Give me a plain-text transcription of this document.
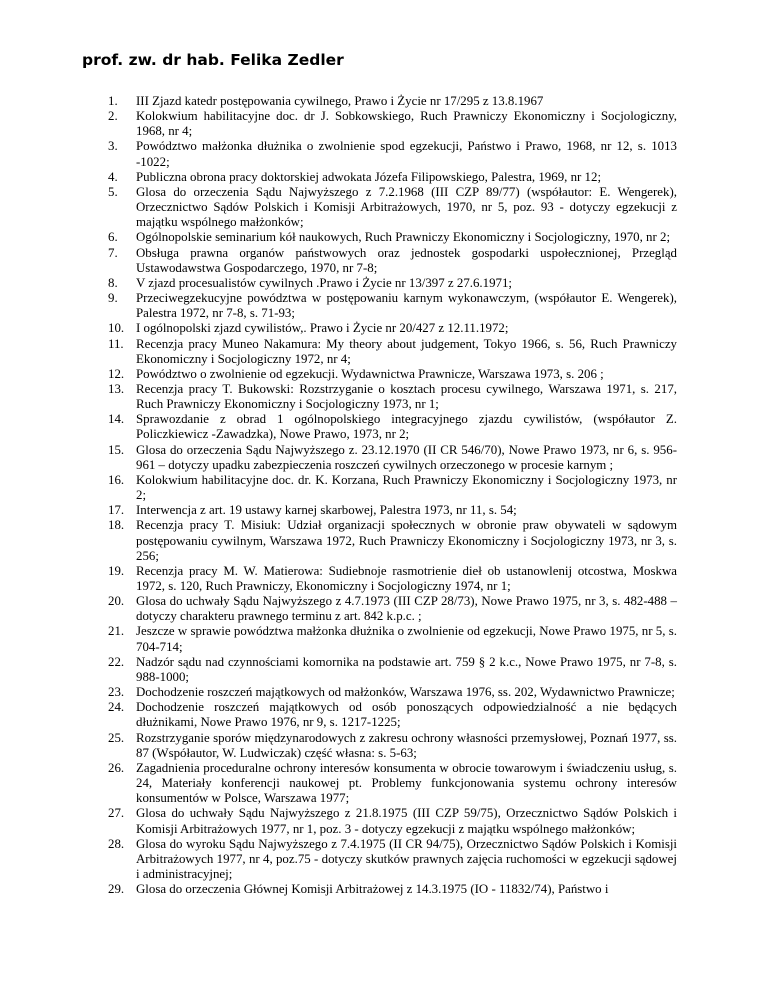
prof. zw. dr hab. Felika Zedler
1.	III Zjazd katedr postępowania cywilnego, Prawo i Życie nr 17/295 z 13.8.1967
2.	Kolokwium habilitacyjne doc. dr J. Sobkowskiego, Ruch Prawniczy Ekonomiczny i Socjologiczny, 1968, nr 4;
3.	Powództwo małżonka dłużnika o zwolnienie spod egzekucji, Państwo i Prawo, 1968, nr 12, s. 1013 -1022;
4.	Publiczna obrona pracy doktorskiej adwokata Józefa Filipowskiego, Palestra, 1969, nr 12;
5.	Glosa do orzeczenia Sądu Najwyższego z 7.2.1968 (III CZP 89/77) (współautor: E. Wengerek), Orzecznictwo Sądów Polskich i Komisji Arbitrażowych, 1970, nr 5, poz. 93 - dotyczy egzekucji z majątku wspólnego małżonków;
6.	Ogólnopolskie seminarium kół naukowych, Ruch Prawniczy Ekonomiczny i Socjologiczny, 1970, nr 2;
7.	Obsługa prawna organów państwowych oraz jednostek gospodarki uspołecznionej, Przegląd Ustawodawstwa Gospodarczego, 1970, nr 7-8;
8.	V zjazd procesualistów cywilnych .Prawo i Życie nr 13/397 z 27.6.1971;
9.	Przeciwegzekucyjne powództwa w postępowaniu karnym wykonawczym, (współautor E. Wengerek), Palestra 1972, nr 7-8, s. 71-93;
10. I ogólnopolski zjazd cywilistów,. Prawo i Życie nr 20/427 z 12.11.1972;
11. Recenzja pracy Muneo Nakamura: My theory about judgement, Tokyo 1966, s. 56, Ruch Prawniczy Ekonomiczny i Socjologiczny 1972, nr 4;
12. Powództwo o zwolnienie od egzekucji. Wydawnictwa Prawnicze, Warszawa 1973, s. 206 ;
13. Recenzja pracy T. Bukowski: Rozstrzyganie o kosztach procesu cywilnego, Warszawa 1971, s. 217, Ruch Prawniczy Ekonomiczny i Socjologiczny 1973, nr 1;
14. Sprawozdanie z obrad 1 ogólnopolskiego integracyjnego zjazdu cywilistów, (współautor Z. Policzkiewicz -Zawadzka), Nowe Prawo, 1973, nr 2;
15. Glosa do orzeczenia Sądu Najwyższego z. 23.12.1970 (II CR 546/70), Nowe Prawo 1973, nr 6, s. 956-961 – dotyczy upadku zabezpieczenia roszczeń cywilnych orzeczonego w procesie karnym ;
16. Kolokwium habilitacyjne doc. dr. K. Korzana, Ruch Prawniczy Ekonomiczny i Socjologiczny 1973, nr 2;
17. Interwencja z art. 19 ustawy karnej skarbowej, Palestra 1973, nr 11, s. 54;
18. Recenzja pracy T. Misiuk: Udział organizacji społecznych w obronie praw obywateli w sądowym postępowaniu cywilnym, Warszawa 1972, Ruch Prawniczy Ekonomiczny i Socjologiczny 1973, nr 3, s. 256;
19. Recenzja pracy M. W. Matierowa: Sudiebnoje rasmotrienie dieł ob ustanowlenij otcostwa, Moskwa 1972, s. 120, Ruch Prawniczy, Ekonomiczny i Socjologiczny 1974, nr 1;
20. Glosa do uchwały Sądu Najwyższego z 4.7.1973 (III CZP 28/73), Nowe Prawo 1975, nr 3, s. 482-488 – dotyczy charakteru prawnego terminu z art. 842 k.p.c. ;
21. Jeszcze w sprawie powództwa małżonka dłużnika o zwolnienie od egzekucji, Nowe Prawo 1975, nr 5, s. 704-714;
22. Nadzór sądu nad czynnościami komornika na podstawie art. 759 § 2 k.c., Nowe Prawo 1975, nr 7-8, s. 988-1000;
23. Dochodzenie roszczeń majątkowych od małżonków, Warszawa 1976, ss. 202, Wydawnictwo Prawnicze;
24. Dochodzenie roszczeń majątkowych od osób ponoszących odpowiedzialność a nie będących dłużnikami, Nowe Prawo 1976, nr 9, s. 1217-1225;
25. Rozstrzyganie sporów międzynarodowych z zakresu ochrony własności przemysłowej, Poznań 1977, ss. 87 (Współautor, W. Ludwiczak) część własna: s. 5-63;
26. Zagadnienia proceduralne ochrony interesów konsumenta w obrocie towarowym i świadczeniu usług, s. 24, Materiały konferencji naukowej pt. Problemy funkcjonowania systemu ochrony interesów konsumentów w Polsce, Warszawa 1977;
27. Glosa do uchwały Sądu Najwyższego z 21.8.1975 (III CZP 59/75), Orzecznictwo Sądów Polskich i Komisji Arbitrażowych 1977, nr 1, poz. 3 - dotyczy egzekucji z majątku wspólnego małżonków;
28. Glosa do wyroku Sądu Najwyższego z 7.4.1975 (II CR 94/75), Orzecznictwo Sądów Polskich i Komisji Arbitrażowych 1977, nr 4, poz.75 - dotyczy skutków prawnych zajęcia ruchomości w egzekucji sądowej i administracyjnej;
29. Glosa do orzeczenia Głównej Komisji Arbitrażowej z 14.3.1975 (IO - 11832/74), Państwo i
